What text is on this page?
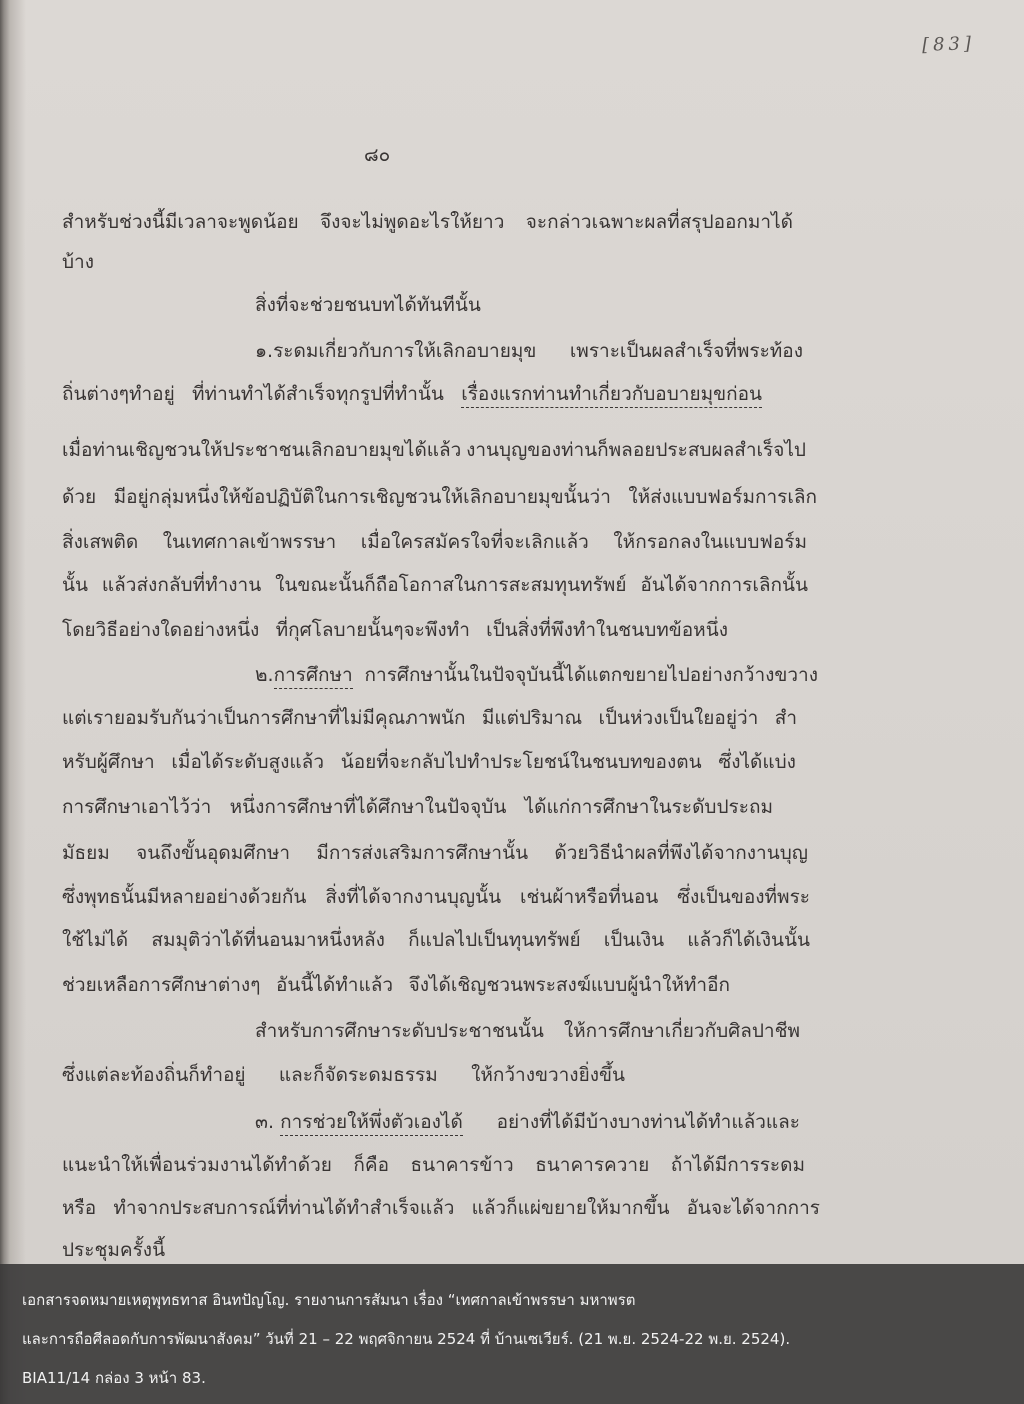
[83]
๘๐
สำหรับช่วงนี้มีเวลาจะพูดน้อย จึงจะไม่พูดอะไรให้ยาว จะกล่าวเฉพาะผลที่สรุปออกมาได้
บ้าง
สิ่งที่จะช่วยชนบทได้ทันทีนั้น
๑.ระดมเกี่ยวกับการให้เลิกอบายมุข เพราะเป็นผลสำเร็จที่พระท้อง
ถิ่นต่างๆทำอยู่ ที่ท่านทำได้สำเร็จทุกรูปที่ทำนั้น เรื่องแรกท่านทำเกี่ยวกับอบายมุขก่อน
เมื่อท่านเชิญชวนให้ประชาชนเลิกอบายมุขได้แล้ว งานบุญของท่านก็พลอยประสบผลสำเร็จไป
ด้วย มีอยู่กลุ่มหนึ่งให้ข้อปฏิบัติในการเชิญชวนให้เลิกอบายมุขนั้นว่า ให้ส่งแบบฟอร์มการเลิก
สิ่งเสพติด ในเทศกาลเข้าพรรษา เมื่อใครสมัครใจที่จะเลิกแล้ว ให้กรอกลงในแบบฟอร์ม
นั้น แล้วส่งกลับที่ทำงาน ในขณะนั้นก็ถือโอกาสในการสะสมทุนทรัพย์ อันได้จากการเลิกนั้น
โดยวิธีอย่างใดอย่างหนึ่ง ที่กุศโลบายนั้นๆจะพึงทำ เป็นสิ่งที่พึงทำในชนบทข้อหนึ่ง
๒.การศึกษา การศึกษานั้นในปัจจุบันนี้ได้แตกขยายไปอย่างกว้างขวาง
แต่เรายอมรับกันว่าเป็นการศึกษาที่ไม่มีคุณภาพนัก มีแต่ปริมาณ เป็นห่วงเป็นใยอยู่ว่า สำ
หรับผู้ศึกษา เมื่อได้ระดับสูงแล้ว น้อยที่จะกลับไปทำประโยชน์ในชนบทของตน ซึ่งได้แบ่ง
การศึกษาเอาไว้ว่า หนึ่งการศึกษาที่ได้ศึกษาในปัจจุบัน ได้แก่การศึกษาในระดับประถม
มัธยม จนถึงขั้นอุดมศึกษา มีการส่งเสริมการศึกษานั้น ด้วยวิธีนำผลที่พึงได้จากงานบุญ
ซึ่งพุทธนั้นมีหลายอย่างด้วยกัน สิ่งที่ได้จากงานบุญนั้น เช่นผ้าหรือที่นอน ซึ่งเป็นของที่พระ
ใช้ไม่ได้ สมมุติว่าได้ที่นอนมาหนึ่งหลัง ก็แปลไปเป็นทุนทรัพย์ เป็นเงิน แล้วก็ได้เงินนั้น
ช่วยเหลือการศึกษาต่างๆ อันนี้ได้ทำแล้ว จึงได้เชิญชวนพระสงฆ์แบบผู้นำให้ทำอีก
สำหรับการศึกษาระดับประชาชนนั้น ให้การศึกษาเกี่ยวกับศิลปาชีพ
ซึ่งแต่ละท้องถิ่นก็ทำอยู่ และก็จัดระดมธรรม ให้กว้างขวางยิ่งขึ้น
๓. การช่วยให้พึ่งตัวเองได้ อย่างที่ได้มีบ้างบางท่านได้ทำแล้วและ
แนะนำให้เพื่อนร่วมงานได้ทำด้วย ก็คือ ธนาคารข้าว ธนาคารควาย ถ้าได้มีการระดม
หรือ ทำจากประสบการณ์ที่ท่านได้ทำสำเร็จแล้ว แล้วก็แผ่ขยายให้มากขึ้น อันจะได้จากการ
ประชุมครั้งนี้
เอกสารจดหมายเหตุพุทธทาส อินทปัญโญ. รายงานการสัมนา เรื่อง “เทศกาลเข้าพรรษา มหาพรต
และการถือศีลอดกับการพัฒนาสังคม” วันที่ 21 – 22 พฤศจิกายน 2524 ที่ บ้านเซเวียร์. (21 พ.ย. 2524-22 พ.ย. 2524).
BIA11/14 กล่อง 3 หน้า 83.
